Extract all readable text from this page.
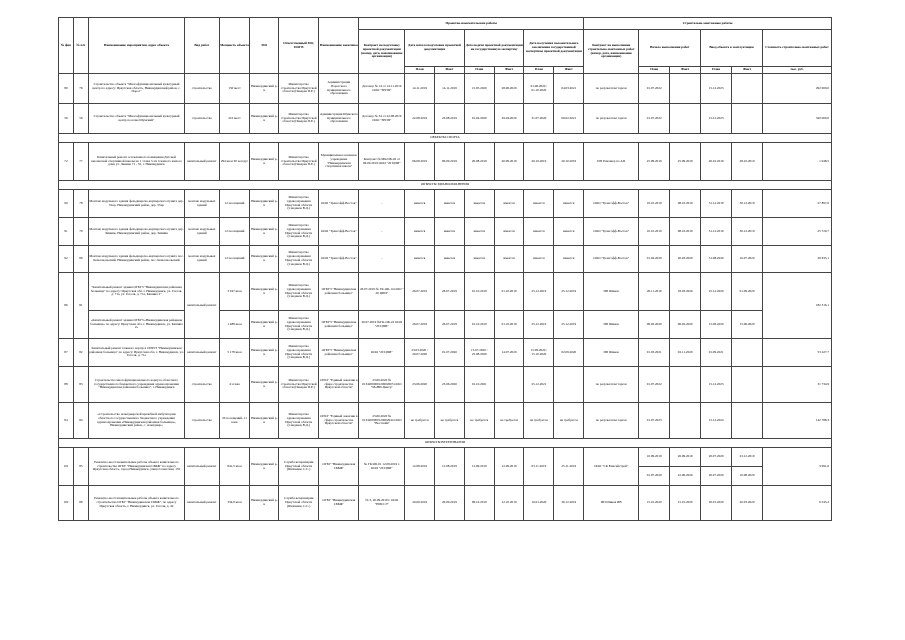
№ фцп	№ п/п	Наименование мероприятия, адрес объекта	Вид работ	Мощность объекта	МО	Ответственный МО, ПОГВ	Наименование заказчика	Проектно-изыскательские работы							Строительно-монтажные работы					
								Контракт на подготовку проектной документации (номер, дата, наименование организации)	Дата начала подготовки проектной документации		Дата подачи проектной документации на государственную экспертизу		Дата получения положительного заключения государственной экспертизы проектной документации		Контракт на выполнение строительно-монтажных работ (номер, дата, наименование организации)	Начало выполнения работ		Ввод объекта в эксплуатацию		Стоимость строительно-монтажных работ
									План	Факт	План	Факт	План	Факт		План	Факт	План	Факт	тыс. руб.
80	76	Строительство объекта "Многофункциональный культурный центр по адресу: Иркутская область, Нижнеудинский район, с. Порог"	строительство	150 мест	Нижнеудинский р-н	Министерство строительства Иркутской области (Пекарев П.Е.)	Администрация Порогского муниципального образования	Договор № 14 от 14.11.2019 ООО "ЗЕПП"	14.11.2019	14.11.2019	15.05.2020	28.06.2020	01.06.2020 / 01.10.2020	04.03.2021	по результатам торгов	01.07.2022		15.12.2023		292 000,0
56	56	Строительство объекта "Многофункциональный культурный центр поселка Шумский"	строительство	210 мест	Нижнеудинский р-н	Министерство строительства Иркутской области (Пекарев П.Е.)	Администрация Шумского муниципального образования	Договор № 34 от 22.08.2019 ООО "ЗЕПП"	22.08.2019	22.08.2019	01.04.2020	29.04.2020	31.07.2020	09.02.2021	по результатам торгов	01.07.2022		15.12.2023		320 000,0
ОБЪЕКТЫ СПОРТА																				
72	77	Капитальный ремонт остекленного помещения Детской юношеской спортивной школы на 1 этаже 5-ти этажного жилого дома ул. Ленина 71 - 55, г. Нижнеудинск	капитальный ремонт	294 кв.м 30 чел/дус	Нижнеудинский р-н	Министерство строительства Иркутской области (Пекарев П.Е.)	Муниципальное казенное учреждение "Нижнеудинская спортивная школа"	Контракт № МК/ОБ-02 от 06.09.2019 ООО "20 ЦПИ"	06.09.2019	06.09.2019	20.08.2019	20.09.2019	20.10.2019	20.10.2019	ИП Ромашер по АП	25.09.2019	25.09.2019	20.10.2019	28.10.2019	1 948,5
ОБЪЕКТЫ ЗДРАВООХРАНЕНИЯ																				
90	78	Монтаж модульного здания фельдшерско-акушерского пункта дер. Ухар, Нижнеудинский район, дер. Ухар	монтаж модульных зданий	12 посещений	Нижнеудинский р-н	Министерство здравоохранения Иркутской области (Сандаков В.Д.)	ООО "Трансэфф-Восток"	-	имеется	имеется	имеется	имеется	имеется	имеется	ООО "Трансэфф-Восток"	10.10.2019	08.10.2019	31.12.2019	30.12.2019	27 897,6
91	79	Монтаж модульного здания фельдшерско-акушерского пункта дер. Зимник, Нижнеудинский район, дер. Зимник	монтаж модульных зданий	12 посещений	Нижнеудинский р-н	Министерство здравоохранения Иркутской области (Сандаков В.Д.)	ООО "Трансэфф-Восток"	-	имеется	имеется	имеется	имеется	имеется	имеется	ООО "Трансэфф-Восток"	10.10.2019	08.10.2019	31.12.2019	30.12.2019	25 720,7
92	80	Монтаж модульного здания фельдшерско-акушерского пункта пос. Комсомольский, Нижнеудинский район, пос. Комсомольский	монтаж модульных зданий	12 посещений	Нижнеудинский р-н	Министерство здравоохранения Иркутской области (Сандаков В.Д.)	ООО "Трансэфф-Восток"	-	имеется	имеется	имеется	имеется	имеется	имеется	ООО "Трансэфф-Восток"	01.04.2020	20.03.2020	31.08.2020	16.07.2020	29 635,1
86	81	"Капитальный ремонт здания ОГБУЗ "Нижнеудинская районная больница" по адресу: Иркутская обл. г. Нижнеудинск, ул. Гоголя, д. 71а, ул. Гоголя, д. 71а, Кашина 2"	капитальный ремонт	3 047 кв.м	Нижнеудинский р-н	Министерство здравоохранения Иркутской области (Сандаков В.Д.)	ОГБУЗ "Нижнеудинская районная больница"	26.07.2019 № ГК-ОБ-14 ООО " 20 ЦПИ"	26.07.2019	26.07.2019	01.10.2019	01.10.2019	25.12.2019	25.12.2019	ИП Шиков	20.11.2019	18.03.2020	25.12.2020	01.09.2020	182 316,1
		«Капитальный ремонт здания ОГБУЗ «Нижнеудинская районная больница» по адресу: Иркутская обл. г. Нижнеудинск, ул. Кашина 2»		1 488 кв.м	Нижнеудинский р-н	Министерство здравоохранения Иркутской области (Сандаков В.Д.)	ОГБУЗ "Нижнеудинская районная больница"	26.07.2019 №ГК-ОБ-22 ООО "20 ЦПИ"	26.07.2019	26.07.2019	01.10.2019	01.10.2019	25.12.2019	25.12.2019	ИП Шиков	06.02.2020	06.02.2020	15.06.2020	15.06.2020	
87	82	Капитальный ремонт главного корпуса ОГБУЗ "Нижнеудинская районная больница" по адресу: Иркутская обл. г. Нижнеудинск, ул. Гоголя, д. 71а	капитальный ремонт	5 178 кв.м	Нижнеудинский р-н	Министерство здравоохранения Иркутской области (Сандаков В.Д.)	ОГБУЗ "Нижнеудинская районная больница"	ООО "20 ЦПИ"	23.03.2020 / 20.07.2020	01.07.2020	15.07.2020 / 25.08.2020	14.07.2020	15.09.2020 / 15.10.2020	02.09.2020	ИП Шиков	01.03.2021	02.11.2020	01.09.2021		53 227,7
88	83	Строительство многофункционального корпуса областного государственного бюджетного учреждения здравоохранения "Нижнеудинская районная больница", г. Нижнеудинск	строительство	4 этажа	Нижнеудинский р-н	Министерство строительства Иркутской области (Пекарев П.Е.)	ОГКУ "Единый заказчик в сфере строительства Иркутской области"	23.06.2020 № 0134200000120002605 ООО "МоНИ-Центр"	23.06.2020	23.06.2020	01.10.2021		25.12.2021		по результатам торгов	01.07.2022		15.12.2023		31 734,9
84	84	«Строительство Алыгджерской врачебной амбулатории областного государственного бюджетного учреждения здравоохранения «Нижнеудинская районная больница», Нижнеудинский район, с. Алыгджер»	строительство	20 посещений, 11 коек	Нижнеудинский р-н	Министерство здравоохранения Иркутской области (Сандаков В.Д.)	ОГКУ "Единый заказчик в сфере строительства Иркутской области"	23.06.2020 № 0134200000120002944 ООО "Вестлайн"	не требуется	не требуется	не требуется	не требуется	не требуется	не требуется	по результатам торгов	01.07.2023		15.12.2024		142 788,3
ОБЪЕКТЫ ВЕТЕРИНАРИИ																				
101	85	Ремонтно-восстановительные работы объекта капитального строительства ОГБУ "Нижнеудинская СББЖ" по адресу Иркутская область, город Нижнеудинск, улица Советская, 155	капитальный ремонт	841,5 кв.м	Нижнеудинский р-н	Служба ветеринарии Иркутской области (Шевченко С.С.)	ОГБУ "Нижнеудинская СББЖ"	№ ГК/ОБ-01 12.08.2019 г. ООО "20 ЦПИ"	12.08.2019	12.08.2019	12.09.2019	12.09.2019	03.11.2019	25.11.2019	ООО "СК Енисейстрой"	10.09.2019	26.09.2019	20.07.2020	23.12.2019	3 991,6
																01.07.2020	22.06.2020	20.07.2020	10.08.2020	
102	86	Ремонтно-восстановительные работы объекта капитального строительства ОГБУ "Нижнеудинская СББЖ", по адресу Иркутская область, г. Нижнеудинск, ул. Гоголя, д. 42	капитальный ремонт	334,9 кв.м	Нижнеудинский р-н	Служба ветеринарии Иркутской области (Шевченко С.С.)	ОГБУ "Нижнеудинская СББЖ"	№ 3, 20.09.2019 г. ООО "НИССЭ"	20.09.2019	20.09.2019	09.10.2019	12.10.2019	10.01.2020	30.12.2019	ИП Шиков ИВ	15.01.2020	15.01.2020	20.01.2020	20.03.2020	9 545,2
